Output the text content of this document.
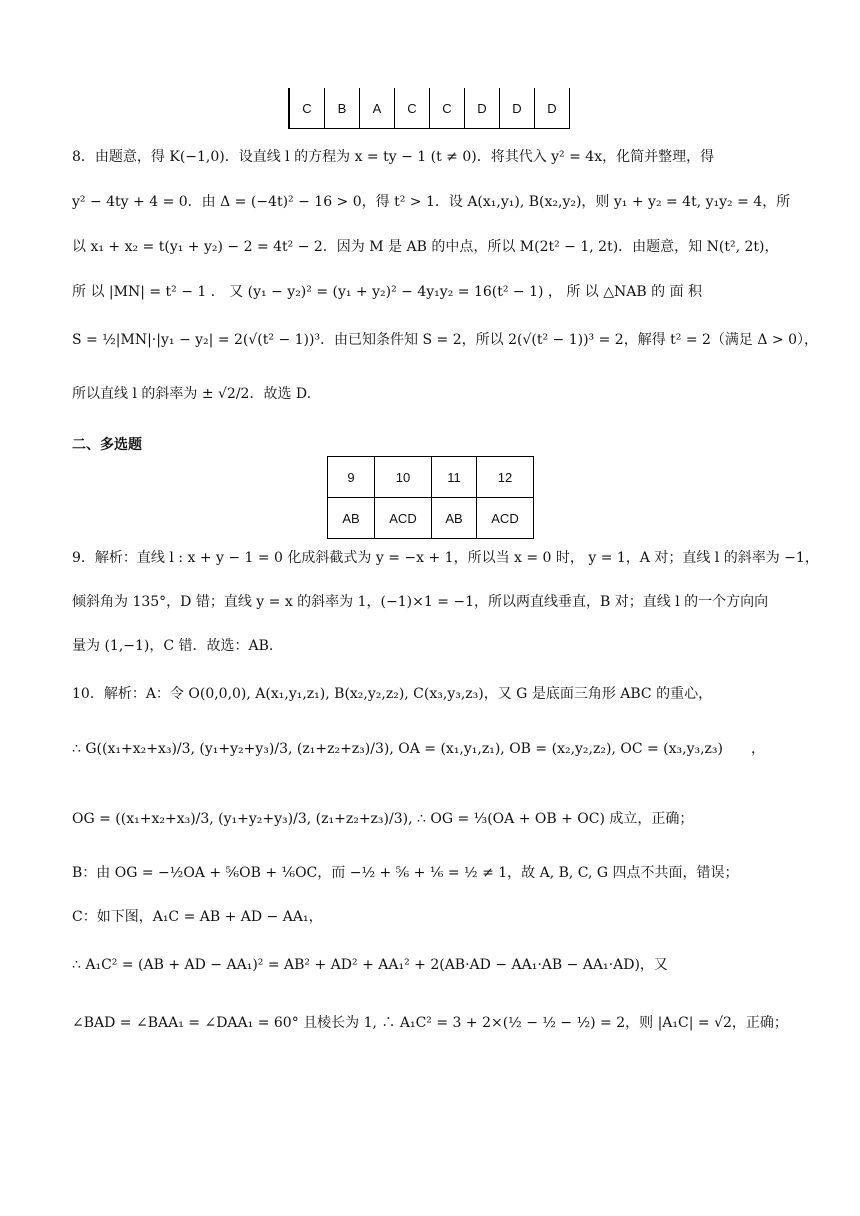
C	B	A	C	C	D	D	D
8．由题意，得 K(−1,0)．设直线 l 的方程为 x = ty − 1 (t ≠ 0)．将其代入 y² = 4x，化简并整理，得
y² − 4ty + 4 = 0．由 Δ = (−4t)² − 16 > 0，得 t² > 1．设 A(x₁,y₁), B(x₂,y₂)，则 y₁ + y₂ = 4t, y₁y₂ = 4，所
以 x₁ + x₂ = t(y₁ + y₂) − 2 = 4t² − 2．因为 M 是 AB 的中点，所以 M(2t² − 1, 2t)．由题意，知 N(t², 2t)，
所 以 |MN| = t² − 1 ． 又 (y₁ − y₂)² = (y₁ + y₂)² − 4y₁y₂ = 16(t² − 1) ， 所 以 △NAB 的 面 积
S = ½|MN|·|y₁ − y₂| = 2(√(t² − 1))³．由已知条件知 S = 2，所以 2(√(t² − 1))³ = 2，解得 t² = 2（满足 Δ > 0），
所以直线 l 的斜率为 ± √2/2．故选 D.
二、多选题
9	10	11	12
AB	ACD	AB	ACD
9．解析：直线 l : x + y − 1 = 0 化成斜截式为 y = −x + 1，所以当 x = 0 时， y = 1，A 对；直线 l 的斜率为 −1，
倾斜角为 135°，D 错；直线 y = x 的斜率为 1，(−1)×1 = −1，所以两直线垂直，B 对；直线 l 的一个方向向
量为 (1,−1)，C 错．故选：AB.
10．解析：A：令 O(0,0,0), A(x₁,y₁,z₁), B(x₂,y₂,z₂), C(x₃,y₃,z₃)，又 G 是底面三角形 ABC 的重心，
∴ G((x₁+x₂+x₃)/3, (y₁+y₂+y₃)/3, (z₁+z₂+z₃)/3), OA = (x₁,y₁,z₁), OB = (x₂,y₂,z₂), OC = (x₃,y₃,z₃)　　，
OG = ((x₁+x₂+x₃)/3, (y₁+y₂+y₃)/3, (z₁+z₂+z₃)/3), ∴ OG = ⅓(OA + OB + OC) 成立，正确；
B：由 OG = −½OA + ⅚OB + ⅙OC，而 −½ + ⅚ + ⅙ = ½ ≠ 1，故 A, B, C, G 四点不共面，错误；
C：如下图，A₁C = AB + AD − AA₁，
∴ A₁C² = (AB + AD − AA₁)² = AB² + AD² + AA₁² + 2(AB·AD − AA₁·AB − AA₁·AD)，又
∠BAD = ∠BAA₁ = ∠DAA₁ = 60° 且棱长为 1, ∴ A₁C² = 3 + 2×(½ − ½ − ½) = 2，则 |A₁C| = √2，正确；
